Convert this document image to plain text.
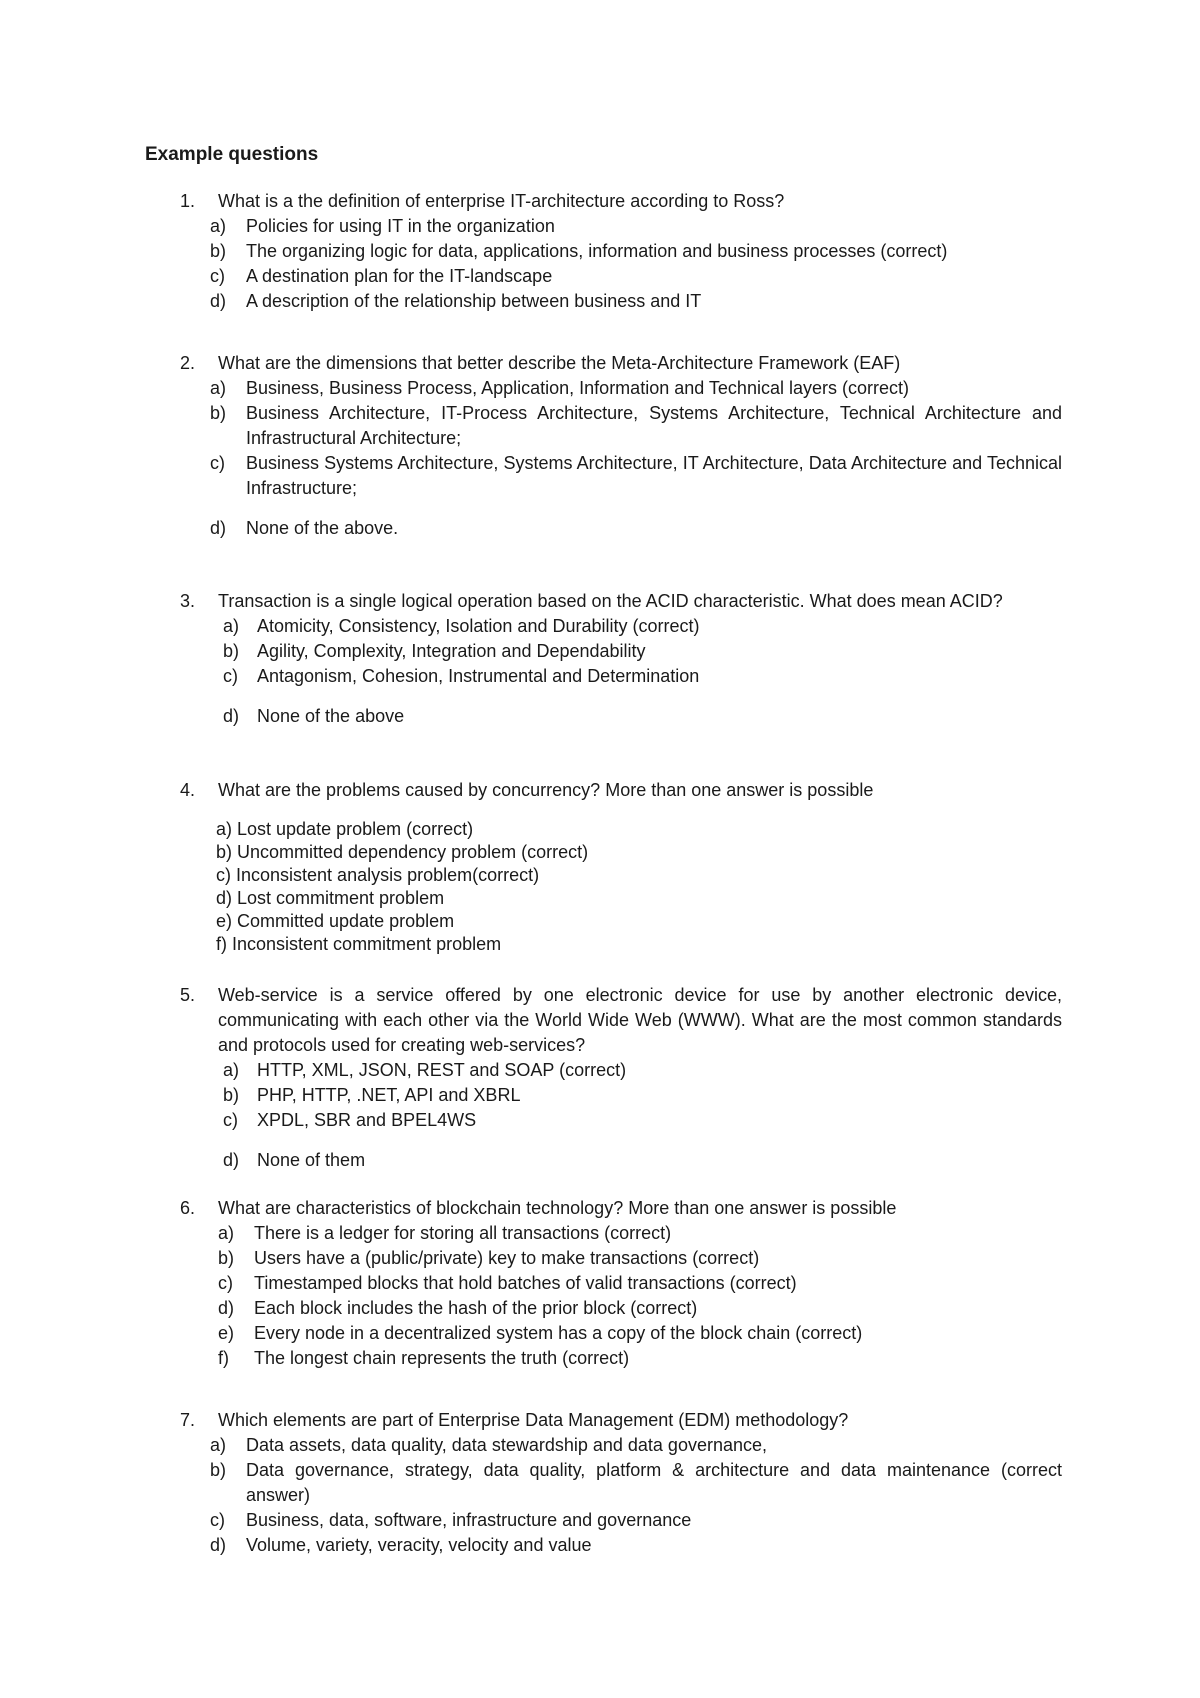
Example questions
1. What is a the definition of enterprise IT-architecture according to Ross?
a) Policies for using IT in the organization
b) The organizing logic for data, applications, information and business processes (correct)
c) A destination plan for the IT-landscape
d) A description of the relationship between business and IT
2. What are the dimensions that better describe the Meta-Architecture Framework (EAF)
a) Business, Business Process, Application, Information and Technical layers (correct)
b) Business Architecture, IT-Process Architecture, Systems Architecture, Technical Architecture and Infrastructural Architecture;
c) Business Systems Architecture, Systems Architecture, IT Architecture, Data Architecture and Technical Infrastructure;
d) None of the above.
3. Transaction is a single logical operation based on the ACID characteristic. What does mean ACID?
a) Atomicity, Consistency, Isolation and Durability (correct)
b) Agility, Complexity, Integration and Dependability
c) Antagonism, Cohesion, Instrumental and Determination
d) None of the above
4. What are the problems caused by concurrency? More than one answer is possible
a) Lost update problem (correct)
b) Uncommitted dependency problem (correct)
c) Inconsistent analysis problem(correct)
d) Lost commitment problem
e) Committed update problem
f) Inconsistent commitment problem
5. Web-service is a service offered by one electronic device for use by another electronic device, communicating with each other via the World Wide Web (WWW). What are the most common standards and protocols used for creating web-services?
a) HTTP, XML, JSON, REST and SOAP (correct)
b) PHP, HTTP, .NET, API and XBRL
c) XPDL, SBR and BPEL4WS
d) None of them
6. What are characteristics of blockchain technology? More than one answer is possible
a) There is a ledger for storing all transactions (correct)
b) Users have a (public/private) key to make transactions (correct)
c) Timestamped blocks that hold batches of valid transactions (correct)
d) Each block includes the hash of the prior block (correct)
e) Every node in a decentralized system has a copy of the block chain (correct)
f) The longest chain represents the truth (correct)
7. Which elements are part of Enterprise Data Management (EDM) methodology?
a) Data assets, data quality, data stewardship and data governance,
b) Data governance, strategy, data quality, platform & architecture and data maintenance (correct answer)
c) Business, data, software, infrastructure and governance
d) Volume, variety, veracity, velocity and value
